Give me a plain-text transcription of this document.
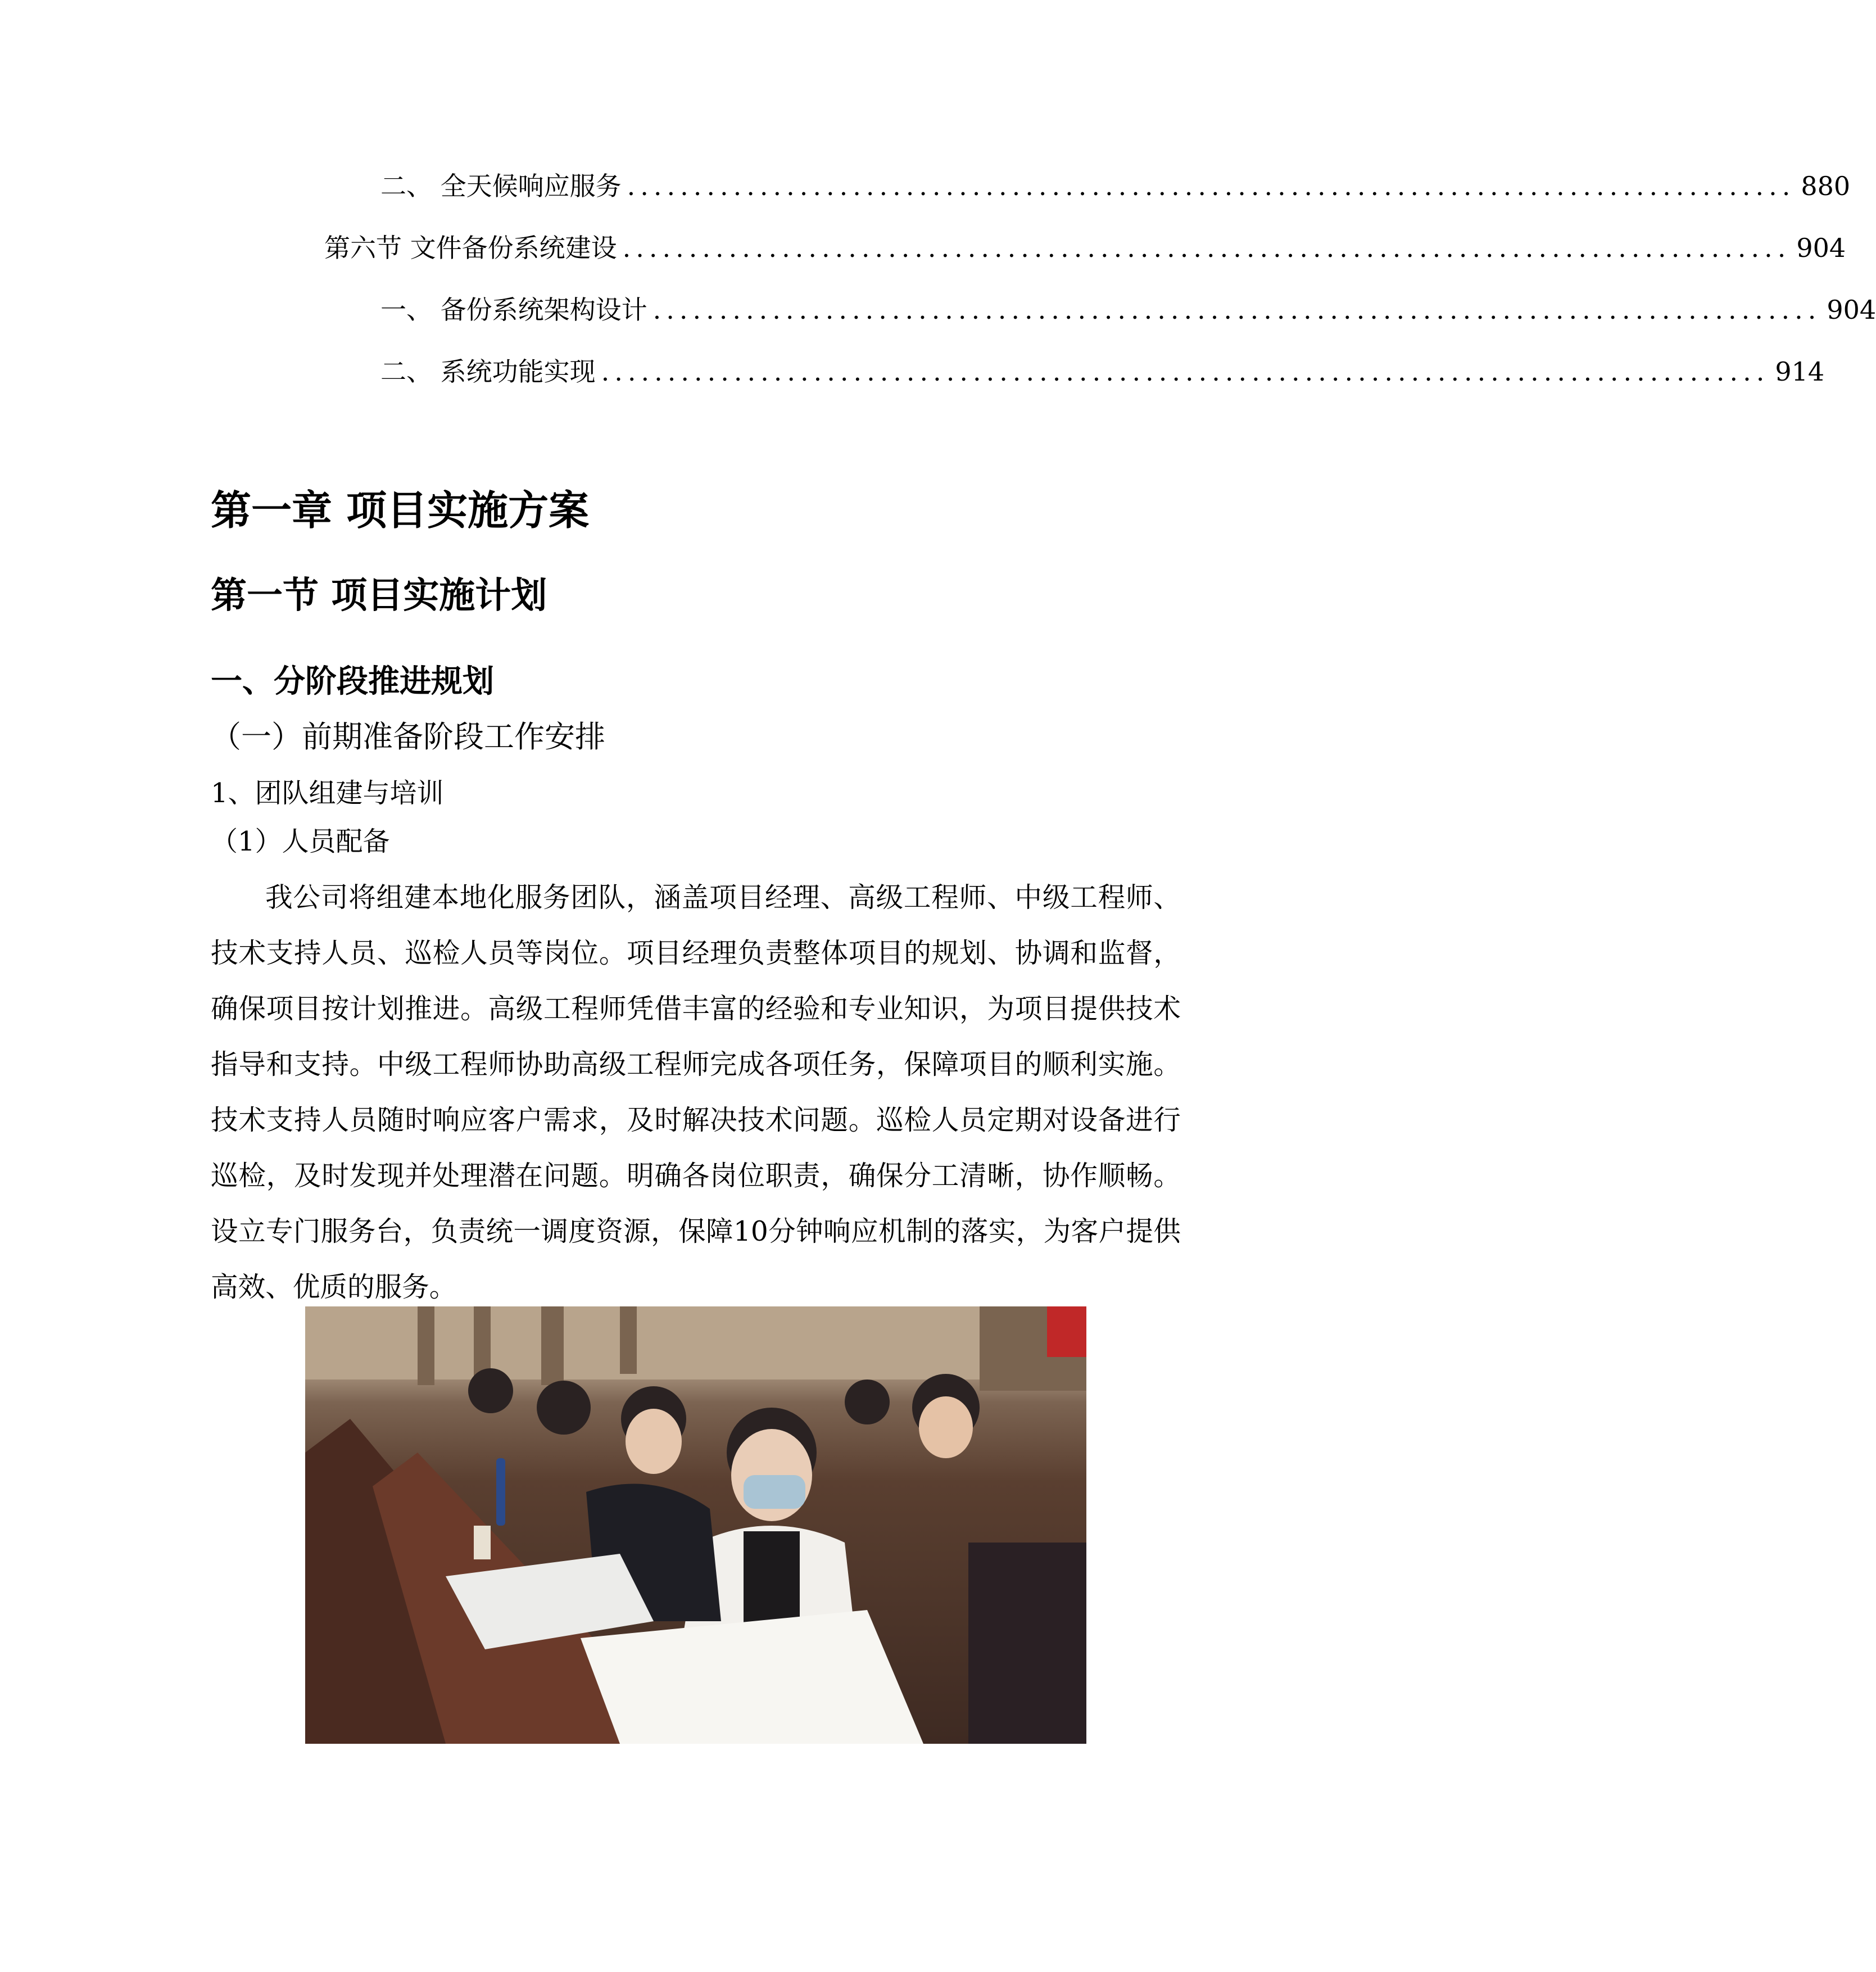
二、 全天候响应服务 ........................................................................................ 880
第六节 文件备份系统建设 ........................................................................................ 904
一、 备份系统架构设计 ........................................................................................ 904
二、 系统功能实现 ........................................................................................ 914
第一章 项目实施方案
第一节 项目实施计划
一、分阶段推进规划
（一）前期准备阶段工作安排
1、团队组建与培训
（1）人员配备
我公司将组建本地化服务团队，涵盖项目经理、高级工程师、中级工程师、技术支持人员、巡检人员等岗位。项目经理负责整体项目的规划、协调和监督，确保项目按计划推进。高级工程师凭借丰富的经验和专业知识，为项目提供技术指导和支持。中级工程师协助高级工程师完成各项任务，保障项目的顺利实施。技术支持人员随时响应客户需求，及时解决技术问题。巡检人员定期对设备进行巡检，及时发现并处理潜在问题。明确各岗位职责，确保分工清晰，协作顺畅。设立专门服务台，负责统一调度资源，保障10分钟响应机制的落实，为客户提供高效、优质的服务。
